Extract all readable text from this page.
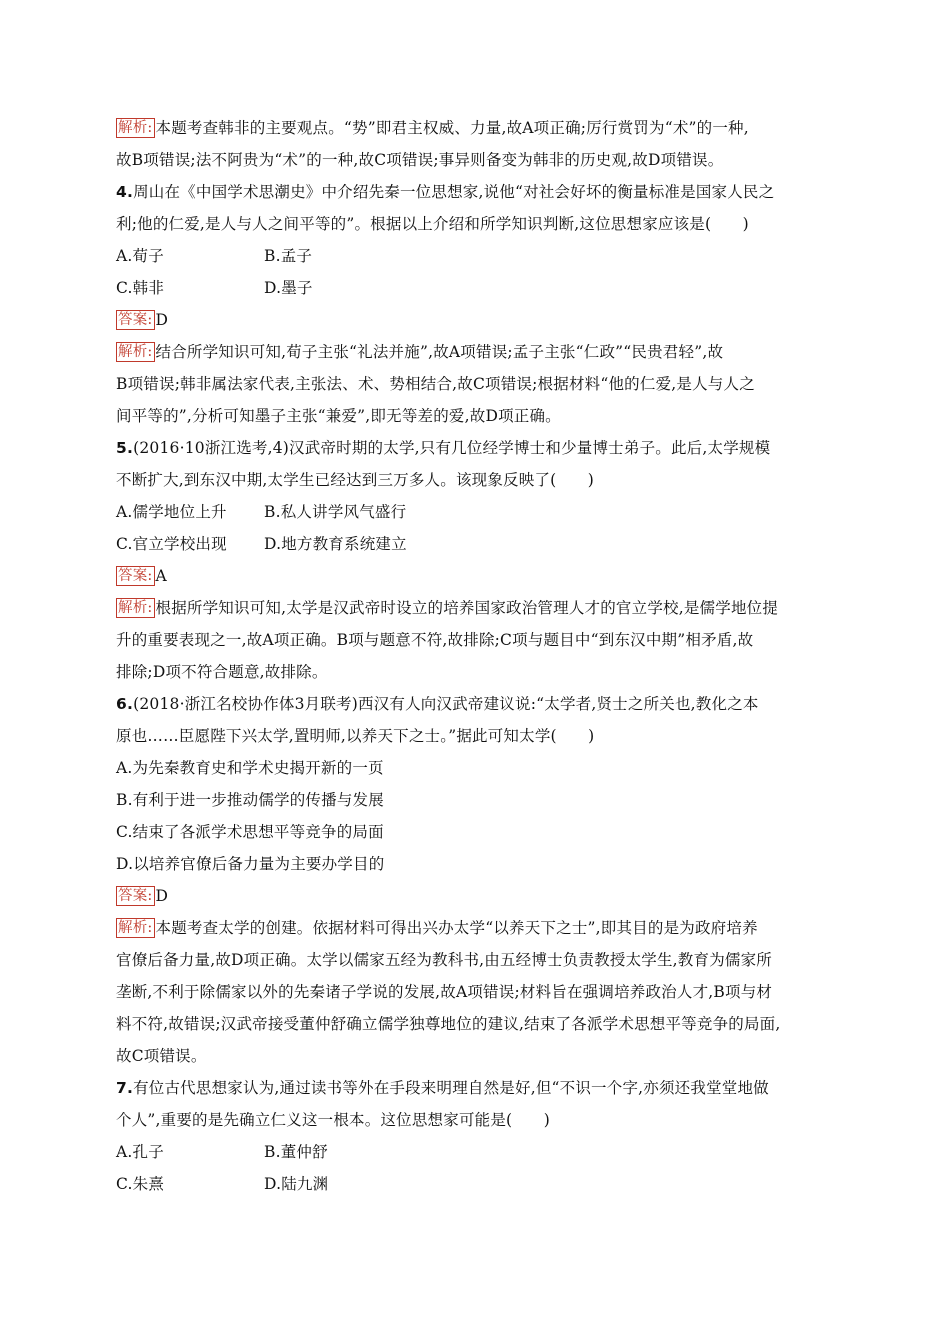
解析: 本题考查韩非的主要观点。“势”即君主权威、力量,故A项正确;厉行赏罚为“术”的一种,
故B项错误;法不阿贵为“术”的一种,故C项错误;事异则备变为韩非的历史观,故D项错误。
4.周山在《中国学术思潮史》中介绍先秦一位思想家,说他“对社会好坏的衡量标准是国家人民之
利;他的仁爱,是人与人之间平等的”。根据以上介绍和所学知识判断,这位思想家应该是(　　)
A.荀子	B.孟子
C.韩非	D.墨子
答案: D
解析: 结合所学知识可知,荀子主张“礼法并施”,故A项错误;孟子主张“仁政”“民贵君轻”,故
B项错误;韩非属法家代表,主张法、术、势相结合,故C项错误;根据材料“他的仁爱,是人与人之
间平等的”,分析可知墨子主张“兼爱”,即无等差的爱,故D项正确。
5.(2016·10浙江选考,4)汉武帝时期的太学,只有几位经学博士和少量博士弟子。此后,太学规模
不断扩大,到东汉中期,太学生已经达到三万多人。该现象反映了(　　)
A.儒学地位上升	B.私人讲学风气盛行
C.官立学校出现	D.地方教育系统建立
答案: A
解析: 根据所学知识可知,太学是汉武帝时设立的培养国家政治管理人才的官立学校,是儒学地位提
升的重要表现之一,故A项正确。B项与题意不符,故排除;C项与题目中“到东汉中期”相矛盾,故
排除;D项不符合题意,故排除。
6.(2018·浙江名校协作体3月联考)西汉有人向汉武帝建议说:“太学者,贤士之所关也,教化之本
原也……臣愿陛下兴太学,置明师,以养天下之士。”据此可知太学(　　)
A.为先秦教育史和学术史揭开新的一页
B.有利于进一步推动儒学的传播与发展
C.结束了各派学术思想平等竞争的局面
D.以培养官僚后备力量为主要办学目的
答案: D
解析: 本题考查太学的创建。依据材料可得出兴办太学“以养天下之士”,即其目的是为政府培养
官僚后备力量,故D项正确。太学以儒家五经为教科书,由五经博士负责教授太学生,教育为儒家所
垄断,不利于除儒家以外的先秦诸子学说的发展,故A项错误;材料旨在强调培养政治人才,B项与材
料不符,故错误;汉武帝接受董仲舒确立儒学独尊地位的建议,结束了各派学术思想平等竞争的局面,
故C项错误。
7.有位古代思想家认为,通过读书等外在手段来明理自然是好,但“不识一个字,亦须还我堂堂地做
个人”,重要的是先确立仁义这一根本。这位思想家可能是(　　)
A.孔子	B.董仲舒
C.朱熹	D.陆九渊
